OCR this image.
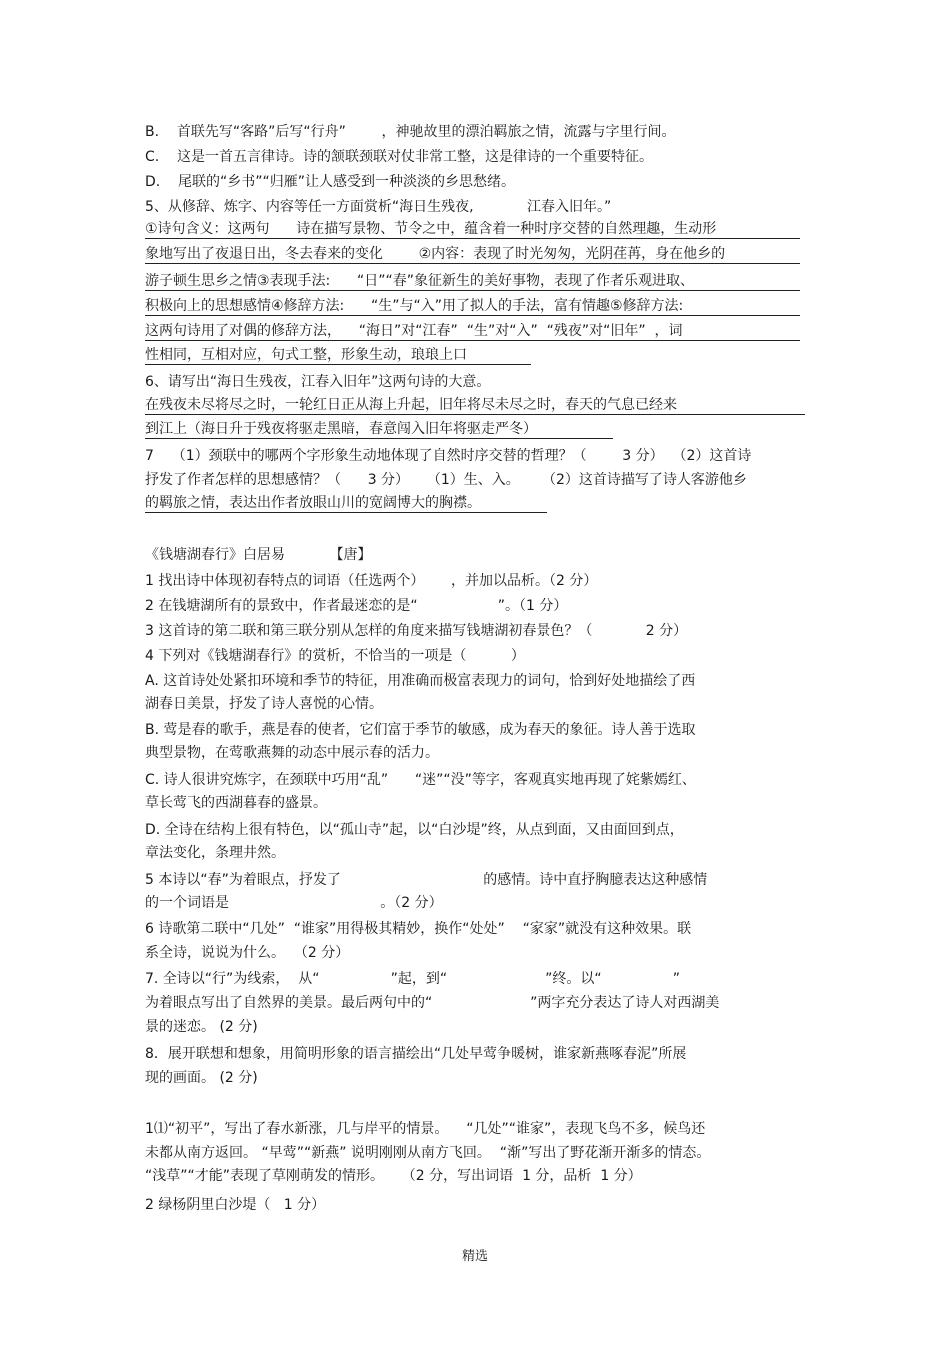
B.    首联先写“客路”后写“行舟”        ，神驰故里的漂泊羁旅之情，流露与字里行间。
C.    这是一首五言律诗。诗的颔联颈联对仗非常工整，这是律诗的一个重要特征。
D.    尾联的“乡书”“归雁”让人感受到一种淡淡的乡思愁绪。
5、从修辞、炼字、内容等任一方面赏析“海日生残夜,            江春入旧年。”
①诗句含义：这两句      诗在描写景物、节令之中，蕴含着一种时序交替的自然理趣，生动形
象地写出了夜退日出，冬去春来的变化        ②内容：表现了时光匆匆，光阴荏苒，身在他乡的
游子顿生思乡之情③表现手法:      “日”“春”象征新生的美好事物，表现了作者乐观进取、
积极向上的思想感情④修辞方法:      “生”与“入”用了拟人的手法，富有情趣⑤修辞方法:
这两句诗用了对偶的修辞方法，    “海日”对“江春”  “生”对“入”  “残夜”对“旧年”  ，词
性相同，互相对应，句式工整，形象生动，琅琅上口
6、请写出“海日生残夜，江春入旧年”这两句诗的大意。
在残夜未尽将尽之时，一轮红日正从海上升起，旧年将尽未尽之时，春天的气息已经来
到江上（海日升于残夜将驱走黑暗，春意闯入旧年将驱走严冬）
7    （1）颈联中的哪两个字形象生动地体现了自然时序交替的哲理？（        3 分）  （2）这首诗
抒发了作者怎样的思想感情？（      3 分）    （1）生、入。     （2）这首诗描写了诗人客游他乡
的羁旅之情，表达出作者放眼山川的宽阔博大的胸襟。
《钱塘湖春行》白居易          【唐】
1 找出诗中体现初春特点的词语（任选两个）      ，并加以品析。（2 分）
2 在钱塘湖所有的景致中，作者最迷恋的是“                  ”。（1 分）
3 这首诗的第二联和第三联分别从怎样的角度来描写钱塘湖初春景色？（            2 分）
4 下列对《钱塘湖春行》的赏析，不恰当的一项是（          ）
A. 这首诗处处紧扣环境和季节的特征，用准确而极富表现力的词句，恰到好处地描绘了西
湖春日美景，抒发了诗人喜悦的心情。
B. 莺是春的歌手，燕是春的使者，它们富于季节的敏感，成为春天的象征。诗人善于选取
典型景物，在莺歌燕舞的动态中展示春的活力。
C. 诗人很讲究炼字，在颈联中巧用“乱”      “迷”“没”等字，客观真实地再现了姹紫嫣红、
草长莺飞的西湖暮春的盛景。
D. 全诗在结构上很有特色，以“孤山寺”起，以“白沙堤”终，从点到面，又由面回到点，
章法变化，条理井然。
5 本诗以“春”为着眼点，抒发了                                的感情。诗中直抒胸臆表达这种感情
的一个词语是                                  。（2 分）
6 诗歌第二联中“几处”  “谁家”用得极其精妙，换作“处处”    “家家”就没有这种效果。联
系全诗，说说为什么。  （2 分）
7. 全诗以“行”为线索，  从“                ”起，到“                      ”终。以“                ”
为着眼点写出了自然界的美景。最后两句中的“                      ”两字充分表达了诗人对西湖美
景的迷恋。 (2 分)
8．展开联想和想象，用简明形象的语言描绘出“几处早莺争暖树，谁家新燕啄春泥”所展
现的画面。 (2 分)
1⑴“初平”，写出了春水新涨，几与岸平的情景。    “几处”“谁家”，表现飞鸟不多，候鸟还
未都从南方返回。 “早莺”“新燕” 说明刚刚从南方飞回。  “渐”写出了野花渐开渐多的情态。
“浅草”“才能”表现了草刚萌发的情形。    （2 分，写出词语  1 分，品析  1 分）
2 绿杨阴里白沙堤（   1 分）
精选
